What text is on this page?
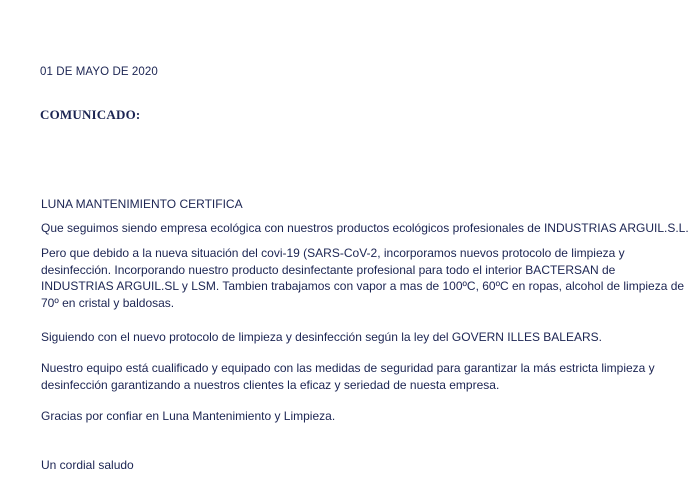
01 DE MAYO DE 2020
COMUNICADO:
LUNA MANTENIMIENTO CERTIFICA
Que seguimos siendo empresa ecológica con nuestros productos ecológicos profesionales de INDUSTRIAS ARGUIL.S.L.
Pero que debido a la nueva situación del covi-19 (SARS-CoV-2, incorporamos nuevos protocolo de limpieza y
desinfección. Incorporando nuestro producto desinfectante profesional para todo el interior BACTERSAN de
INDUSTRIAS ARGUIL.SL y LSM. Tambien trabajamos con vapor a mas de 100ºC, 60ºC en ropas, alcohol de limpieza de
70º en cristal y baldosas.
Siguiendo con el nuevo protocolo de limpieza y desinfección según la ley del GOVERN ILLES BALEARS.
Nuestro equipo está cualificado y equipado con las medidas de seguridad para garantizar la más estricta limpieza y
desinfección garantizando a nuestros clientes la eficaz y seriedad de nuesta empresa.
Gracias por confiar en Luna Mantenimiento y Limpieza.
Un cordial saludo
